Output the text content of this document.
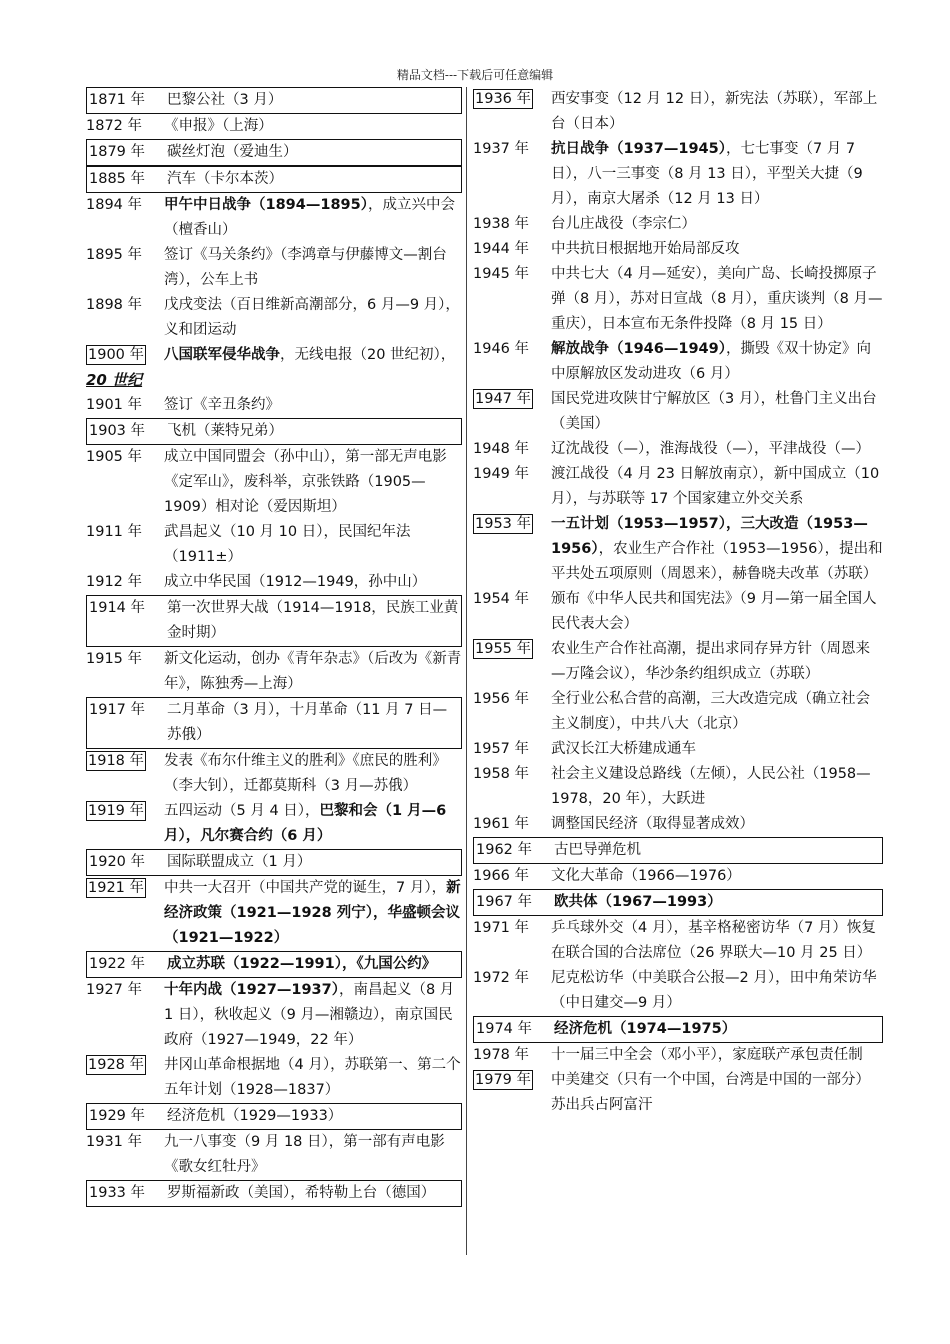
精品文档---下载后可任意编辑
1871 年	巴黎公社（3 月）
1872 年	《申报》（上海）
1879 年	碳丝灯泡（爱迪生）
1885 年	汽车（卡尔本茨）
1894 年	甲午中日战争（1894—1895），成立兴中会（檀香山）
1895 年	签订《马关条约》（李鸿章与伊藤博文—割台湾），公车上书
1898 年	戊戌变法（百日维新高潮部分，6 月—9 月），义和团运动
1900 年	八国联军侵华战争，无线电报（20 世纪初），
20 世纪
1901 年	签订《辛丑条约》
1903 年	飞机（莱特兄弟）
1905 年	成立中国同盟会（孙中山），第一部无声电影《定军山》，废科举，京张铁路（1905—1909）相对论（爱因斯坦）
1911 年	武昌起义（10 月 10 日），民国纪年法（1911±）
1912 年	成立中华民国（1912—1949，孙中山）
1914 年	第一次世界大战（1914—1918，民族工业黄金时期）
1915 年	新文化运动，创办《青年杂志》（后改为《新青年》，陈独秀—上海）
1917 年	二月革命（3 月），十月革命（11 月 7 日—苏俄）
1918 年	发表《布尔什维主义的胜利》《庶民的胜利》（李大钊），迁都莫斯科（3 月—苏俄）
1919 年	五四运动（5 月 4 日），巴黎和会（1 月—6 月），凡尔赛合约（6 月）
1920 年	国际联盟成立（1 月）
1921 年	中共一大召开（中国共产党的诞生，7 月），新经济政策（1921—1928 列宁），华盛顿会议（1921—1922）
1922 年	成立苏联（1922—1991），《九国公约》
1927 年	十年内战（1927—1937），南昌起义（8 月 1 日），秋收起义（9 月—湘赣边），南京国民政府（1927—1949，22 年）
1928 年	井冈山革命根据地（4 月），苏联第一、第二个五年计划（1928—1837）
1929 年	经济危机（1929—1933）
1931 年	九一八事变（9 月 18 日），第一部有声电影《歌女红牡丹》
1933 年	罗斯福新政（美国），希特勒上台（德国）
1936 年	西安事变（12 月 12 日），新宪法（苏联），军部上台（日本）
1937 年	抗日战争（1937—1945），七七事变（7 月 7 日），八一三事变（8 月 13 日），平型关大捷（9 月），南京大屠杀（12 月 13 日）
1938 年	台儿庄战役（李宗仁）
1944 年	中共抗日根据地开始局部反攻
1945 年	中共七大（4 月—延安），美向广岛、长崎投掷原子弹（8 月），苏对日宣战（8 月），重庆谈判（8 月—重庆），日本宣布无条件投降（8 月 15 日）
1946 年	解放战争（1946—1949），撕毁《双十协定》向中原解放区发动进攻（6 月）
1947 年	国民党进攻陕甘宁解放区（3 月），杜鲁门主义出台（美国）
1948 年	辽沈战役（—），淮海战役（—），平津战役（—）
1949 年	渡江战役（4 月 23 日解放南京），新中国成立（10 月），与苏联等 17 个国家建立外交关系
1953 年	一五计划（1953—1957），三大改造（1953—1956），农业生产合作社（1953—1956），提出和平共处五项原则（周恩来），赫鲁晓夫改革（苏联）
1954 年	颁布《中华人民共和国宪法》（9 月—第一届全国人民代表大会）
1955 年	农业生产合作社高潮，提出求同存异方针（周恩来—万隆会议），华沙条约组织成立（苏联）
1956 年	全行业公私合营的高潮，三大改造完成（确立社会主义制度），中共八大（北京）
1957 年	武汉长江大桥建成通车
1958 年	社会主义建设总路线（左倾），人民公社（1958—1978，20 年），大跃进
1961 年	调整国民经济（取得显著成效）
1962 年	古巴导弹危机
1966 年	文化大革命（1966—1976）
1967 年	欧共体（1967—1993）
1971 年	乒乓球外交（4 月），基辛格秘密访华（7 月）恢复在联合国的合法席位（26 界联大—10 月 25 日）
1972 年	尼克松访华（中美联合公报—2 月），田中角荣访华（中日建交—9 月）
1974 年	经济危机（1974—1975）
1978 年	十一届三中全会（邓小平），家庭联产承包责任制
1979 年	中美建交（只有一个中国，台湾是中国的一部分）苏出兵占阿富汗
